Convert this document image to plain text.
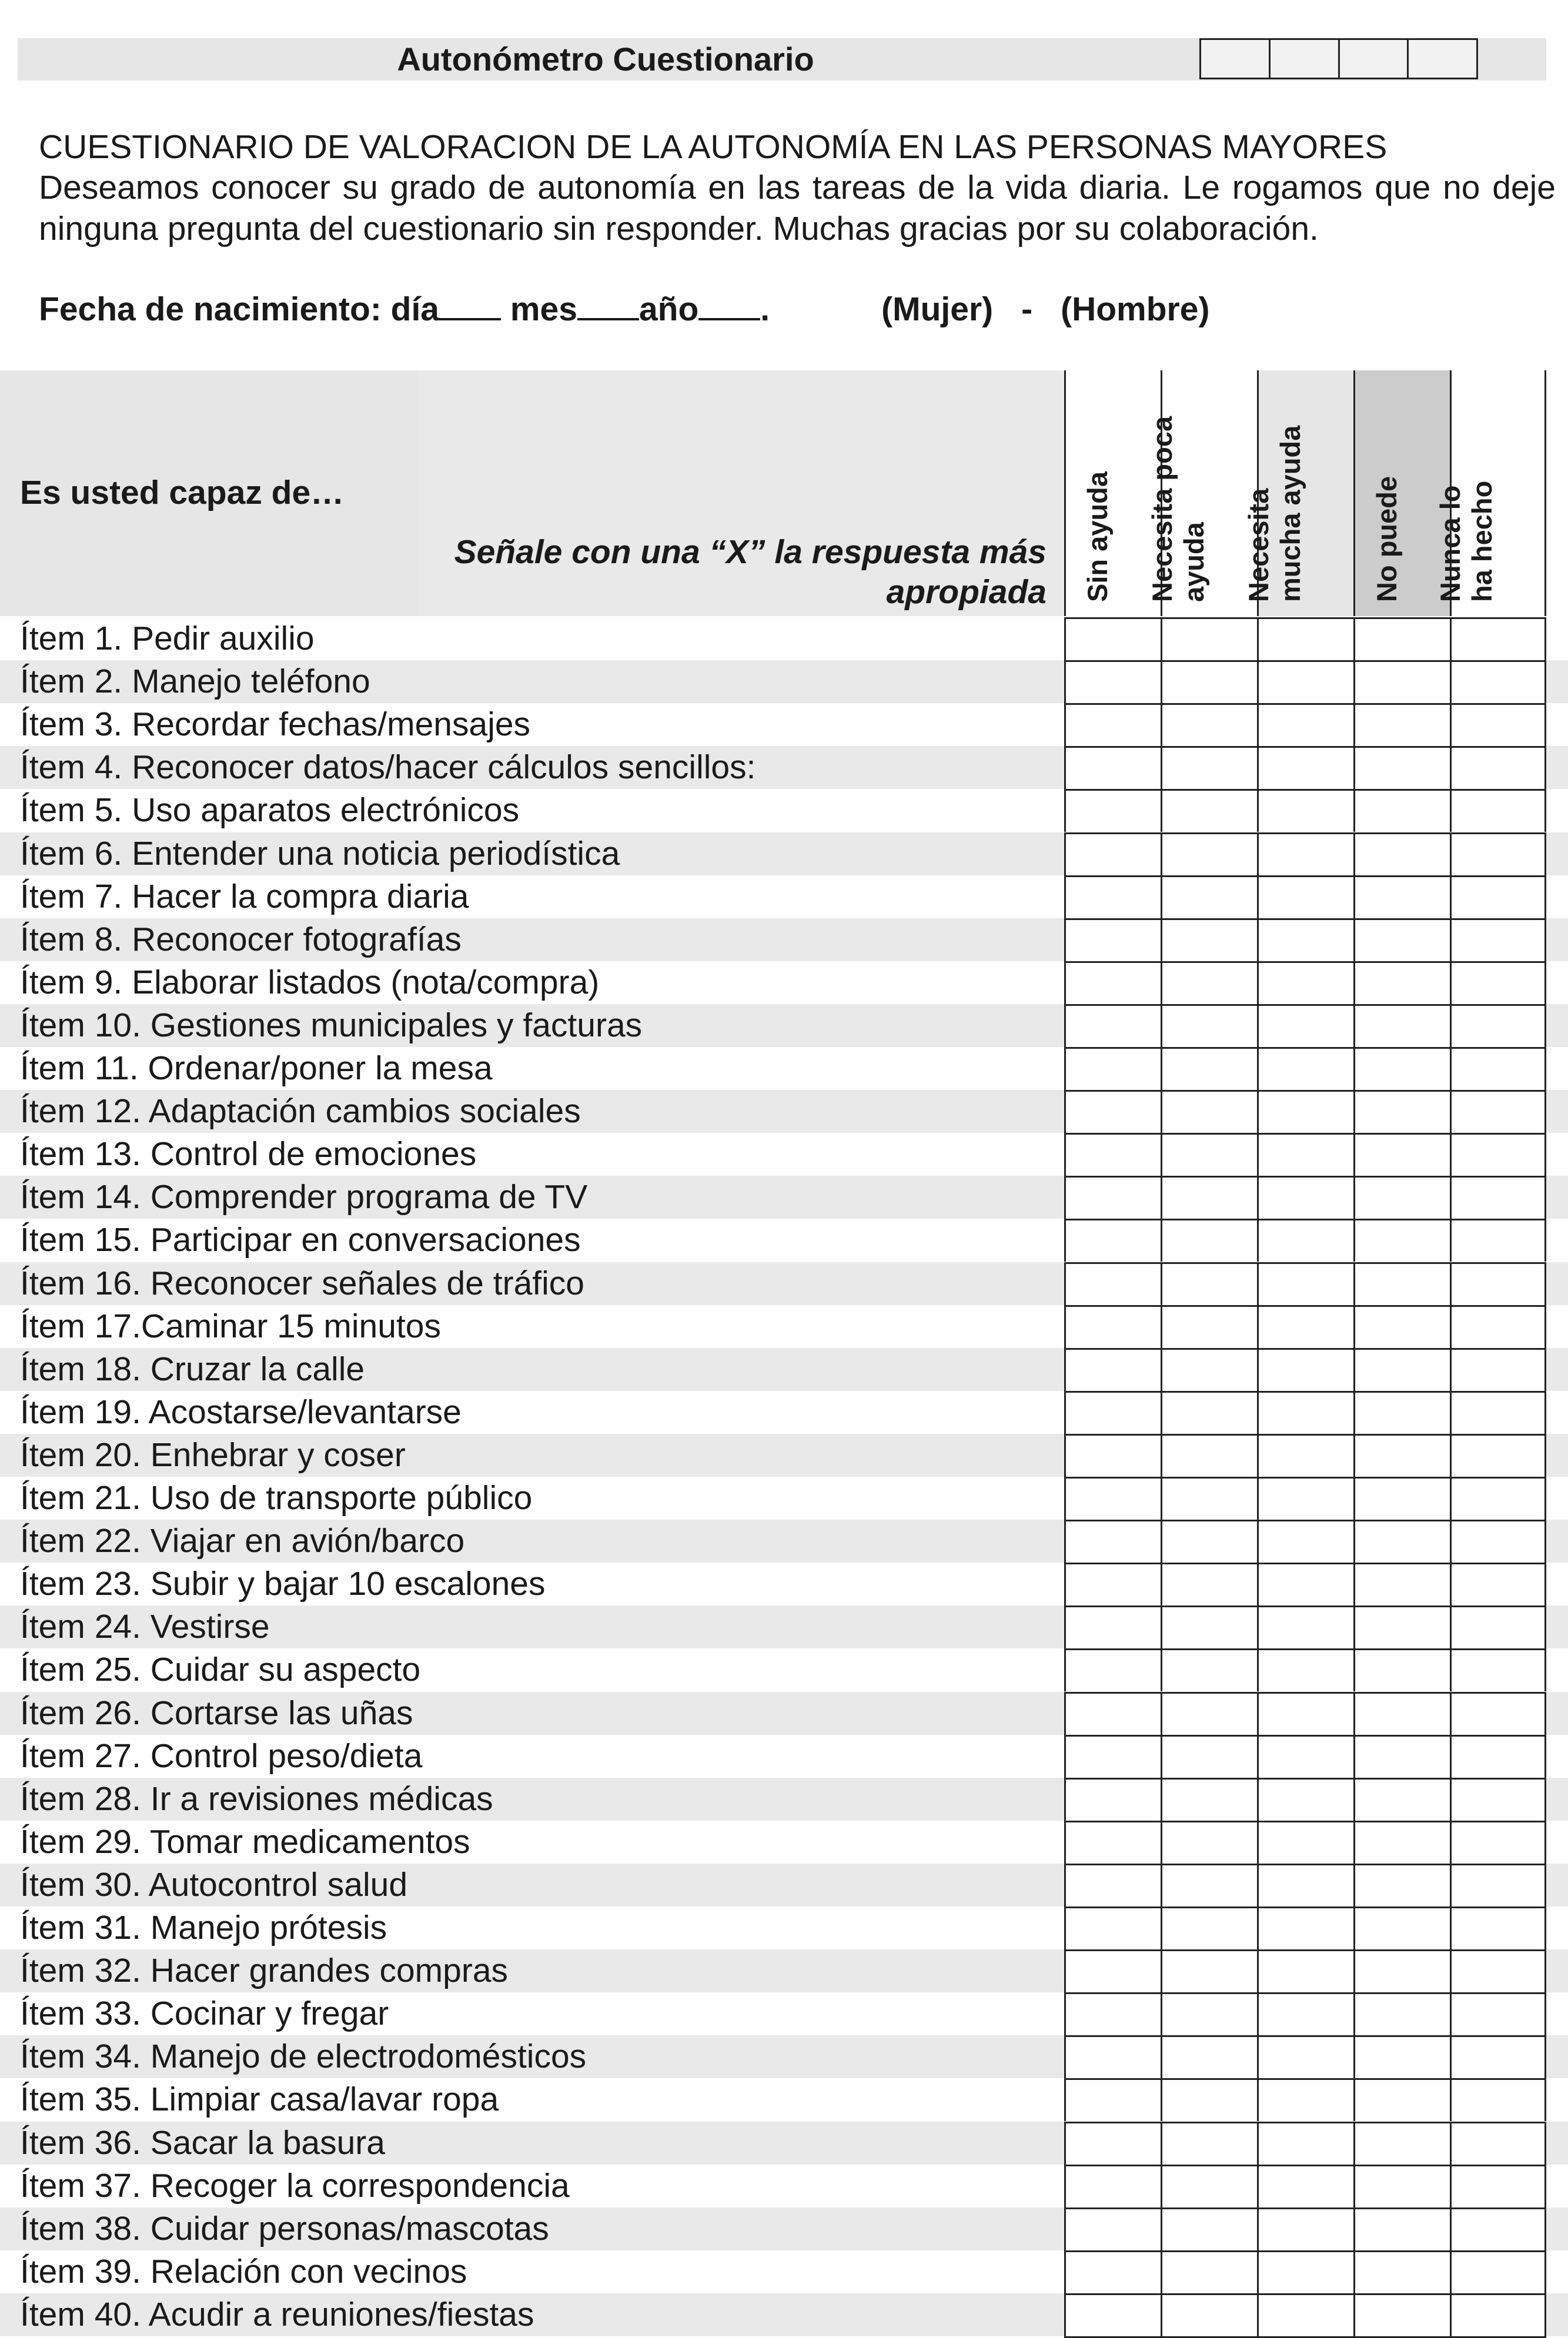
Autonómetro Cuestionario
CUESTIONARIO DE VALORACION DE LA AUTONOMÍA EN LAS PERSONAS MAYORES
Deseamos conocer su grado de autonomía en las tareas de la vida diaria. Le rogamos que no deje ninguna pregunta del cuestionario sin responder. Muchas gracias por su colaboración.
Fecha de nacimiento: día mes año .	(Mujer) - (Hombre)
Es usted capaz de…
Señale con una “X” la respuesta más apropiada Sin ayuda Necesita poca ayuda Necesita mucha ayuda No puede Nunca lo ha hecho
Ítem 1. Pedir auxilio
Ítem 2. Manejo teléfono
Ítem 3. Recordar fechas/mensajes
Ítem 4. Reconocer datos/hacer cálculos sencillos:
Ítem 5. Uso aparatos electrónicos
Ítem 6. Entender una noticia periodística
Ítem 7. Hacer la compra diaria
Ítem 8. Reconocer fotografías
Ítem 9. Elaborar listados (nota/compra)
Ítem 10. Gestiones municipales y facturas
Ítem 11. Ordenar/poner la mesa
Ítem 12. Adaptación cambios sociales
Ítem 13. Control de emociones
Ítem 14. Comprender programa de TV
Ítem 15. Participar en conversaciones
Ítem 16. Reconocer señales de tráfico
Ítem 17.Caminar 15 minutos
Ítem 18. Cruzar la calle
Ítem 19. Acostarse/levantarse
Ítem 20. Enhebrar y coser
Ítem 21. Uso de transporte público
Ítem 22. Viajar en avión/barco
Ítem 23. Subir y bajar 10 escalones
Ítem 24. Vestirse
Ítem 25. Cuidar su aspecto
Ítem 26. Cortarse las uñas
Ítem 27. Control peso/dieta
Ítem 28. Ir a revisiones médicas
Ítem 29. Tomar medicamentos
Ítem 30. Autocontrol salud
Ítem 31. Manejo prótesis
Ítem 32. Hacer grandes compras
Ítem 33. Cocinar y fregar
Ítem 34. Manejo de electrodomésticos
Ítem 35. Limpiar casa/lavar ropa
Ítem 36. Sacar la basura
Ítem 37. Recoger la correspondencia
Ítem 38. Cuidar personas/mascotas
Ítem 39. Relación con vecinos
Ítem 40. Acudir a reuniones/fiestas
